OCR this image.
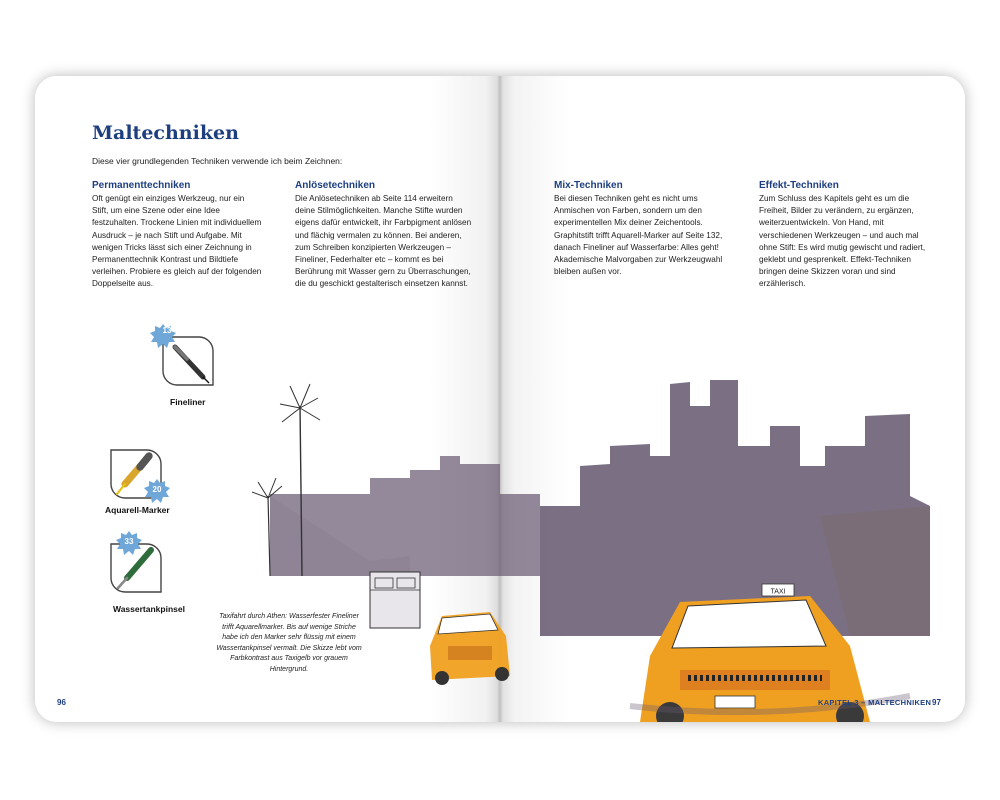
Maltechniken
Diese vier grundlegenden Techniken verwende ich beim Zeichnen:
Permanenttechniken

Oft genügt ein einziges Werkzeug, nur ein Stift, um eine Szene oder eine Idee festzuhalten. Trockene Linien mit individuellem Ausdruck – je nach Stift und Aufgabe. Mit wenigen Tricks lässt sich einer Zeichnung in Permanenttechnik Kontrast und Bildtiefe verleihen. Probiere es gleich auf der folgenden Doppelseite aus.

Anlösetechniken

Die Anlösetechniken ab Seite 114 erweitern deine Stilmöglichkeiten. Manche Stifte wurden eigens dafür entwickelt, ihr Farbpigment anlösen und flächig vermalen zu können. Bei anderen, zum Schreiben konzipierten Werkzeugen – Fineliner, Federhalter etc – kommt es bei Berührung mit Wasser gern zu Überraschungen, die du geschickt gestalterisch einsetzen kannst.

Mix-Techniken

Bei diesen Techniken geht es nicht ums Anmischen von Farben, sondern um den experimentellen Mix deiner Zeichentools. Graphitstift trifft Aquarell-Marker auf Seite 132, danach Fineliner auf Wasserfarbe: Alles geht! Akademische Malvorgaben zur Werkzeugwahl bleiben außen vor.

Effekt-Techniken

Zum Schluss des Kapitels geht es um die Freiheit, Bilder zu verändern, zu ergänzen, weiterzuentwickeln. Von Hand, mit verschiedenen Werkzeugen – und auch mal ohne Stift: Es wird mutig gewischt und radiert, geklebt und gesprenkelt. Effekt-Techniken bringen deine Skizzen voran und sind erzählerisch.

13
Fineliner
20
Aquarell-Marker
33
Wassertankpinsel
TAXI
Taxifahrt durch Athen: Wasserfester Fineliner trifft Aquarellmarker. Bis auf wenige Striche habe ich den Marker sehr flüssig mit einem Wassertankpinsel vermalt. Die Skizze lebt vom Farbkontrast aus Taxigelb vor grauem Hintergrund.
96	KAPITEL 3 – MALTECHNIKEN 97
